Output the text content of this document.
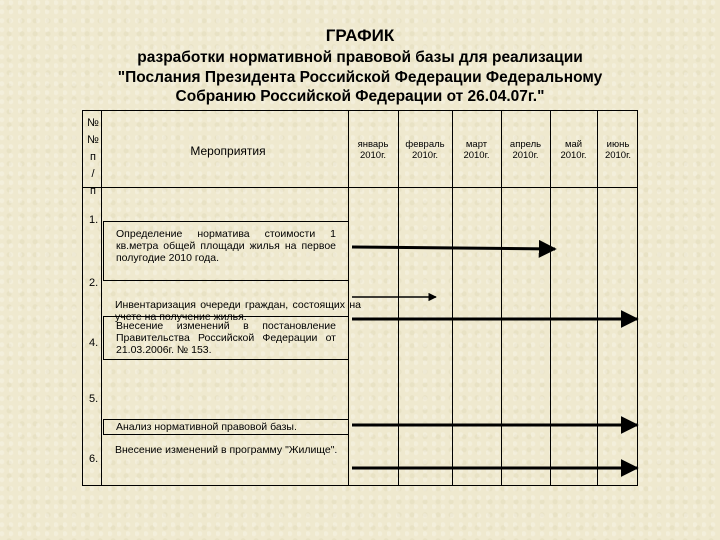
ГРАФИК
разработки нормативной правовой базы для реализации
"Послания Президента Российской Федерации Федеральному
Собранию Российской Федерации от 26.04.07г."
№
№
п
/
п
Мероприятия	январь
2010г.
февраль
2010г.
март
2010г.
апрель
2010г.
май
2010г.
июнь
2010г.
1.
2.
4.
5.
6.
Определение норматива стоимости 1 кв.метра общей площади жилья на первое полугодие 2010 года.
Инвентаризация очереди граждан, состоящих на учете на получение жилья.
Внесение изменений в постановление Правительства Российской Федерации от 21.03.2006г. № 153.
Анализ нормативной правовой базы.
Внесение изменений в программу "Жилище".
